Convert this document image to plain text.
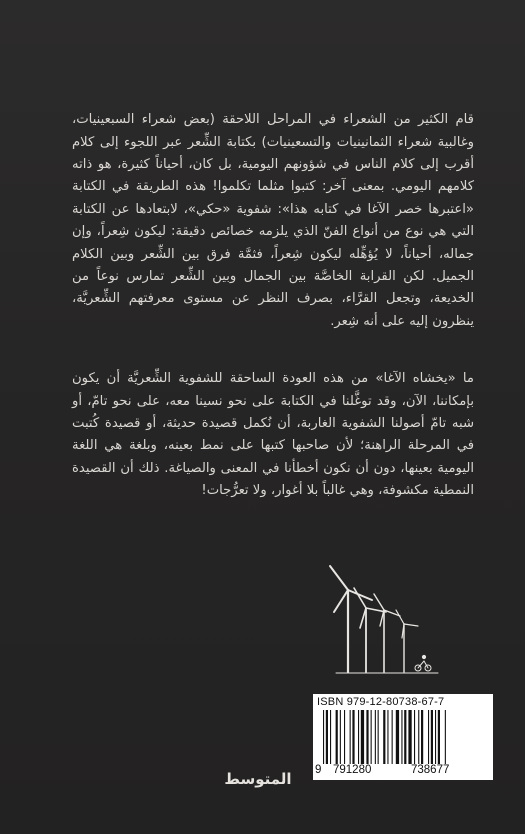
قام الكثير من الشعراء في المراحل اللاحقة (بعض شعراء السبعينيات، وغالبية شعراء الثمانينيات والتسعينيات) بكتابة الشِّعر عبر اللجوء إلى كلام أقرب إلى كلام الناس في شؤونهم اليومية، بل كان، أحياناً كثيرة، هو ذاته كلامهم اليومي. بمعنى آخر: كتبوا مثلما تكلموا! هذه الطريقة في الكتابة «اعتبرها خصر الآغا في كتابه هذا»: شفوية «حكي»، لابتعادها عن الكتابة التي هي نوع من أنواع الفنّ الذي يلزمه خصائص دقيقة: ليكون شِعراً، وإن جماله، أحياناً، لا يُؤهِّله ليكون شِعراً، فثمَّة فرق بين الشِّعر وبين الكلام الجميل. لكن القرابة الخاصَّة بين الجمال وبين الشِّعر تمارس نوعاً من الخديعة، وتجعل القرَّاء، بصرف النظر عن مستوى معرفتهم الشِّعريَّة، ينظرون إليه على أنه شِعر.

ما «يخشاه الآغا» من هذه العودة الساحقة للشفوية الشِّعريَّة أن يكون بإمكاننا، الآن، وقد توغَّلنا في الكتابة على نحو نسينا معه، على نحو تامّ، أو شبه تامّ أصولنا الشفوية الغاربة، أن نُكمل قصيدة حديثة، أو قصيدة كُتبت في المرحلة الراهنة؛ لأن صاحبها كتبها على نمط بعينه، وبلغة هي اللغة اليومية بعينها، دون أن نكون أخطأنا في المعنى والصياغة. ذلك أن القصيدة النمطية مكشوفة، وهي غالباً بلا أغوار، ولا تعرُّجات!

ISBN 979-12-80738-67-7
9 791280	738677
المتوسط
